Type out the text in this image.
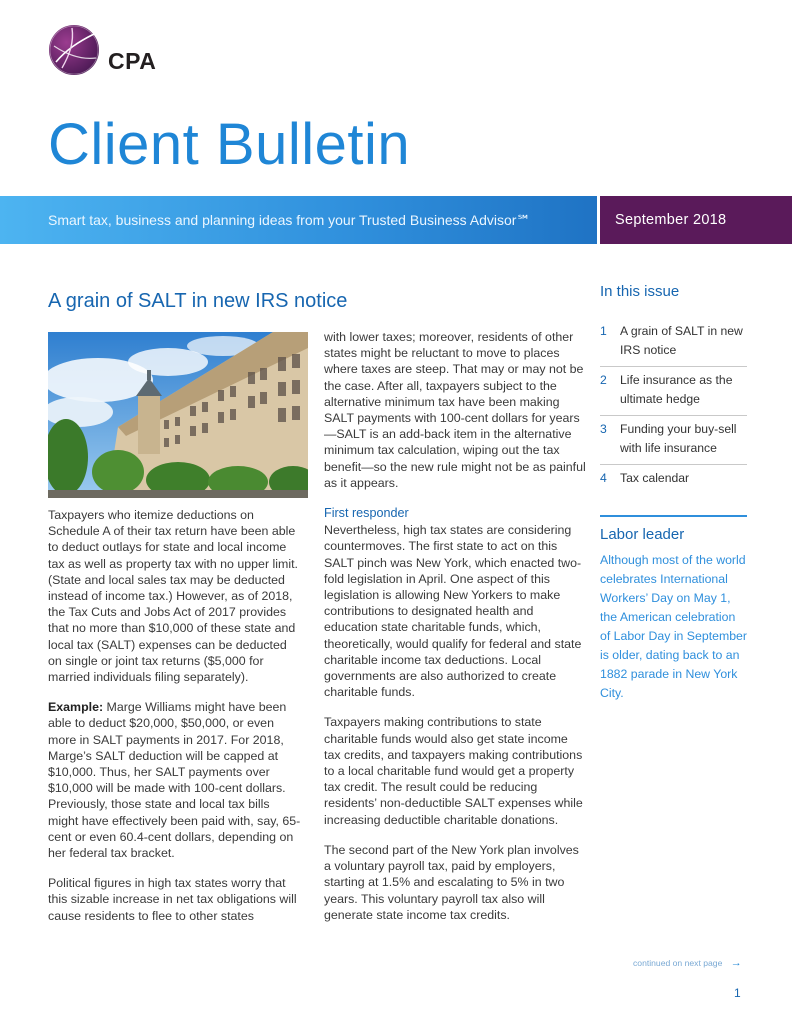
CPA
Client Bulletin
Smart tax, business and planning ideas from your Trusted Business Advisor℠	September 2018
A grain of SALT in new IRS notice

Taxpayers who itemize deductions on Schedule A of their tax return have been able to deduct outlays for state and local income tax as well as property tax with no upper limit. (State and local sales tax may be deducted instead of income tax.) However, as of 2018, the Tax Cuts and Jobs Act of 2017 provides that no more than $10,000 of these state and local tax (SALT) expenses can be deducted on single or joint tax returns ($5,000 for married individuals filing separately).

Example: Marge Williams might have been able to deduct $20,000, $50,000, or even more in SALT payments in 2017. For 2018, Marge’s SALT deduction will be capped at $10,000. Thus, her SALT payments over $10,000 will be made with 100-cent dollars. Previously, those state and local tax bills might have effectively been paid with, say, 65-cent or even 60.4-cent dollars, depending on her federal tax bracket.

Political figures in high tax states worry that this sizable increase in net tax obligations will cause residents to flee to other states

with lower taxes; moreover, residents of other states might be reluctant to move to places where taxes are steep. That may or may not be the case. After all, taxpayers subject to the alternative minimum tax have been making SALT payments with 100-cent dollars for years—SALT is an add-back item in the alternative minimum tax calculation, wiping out the tax benefit—so the new rule might not be as painful as it appears.

First responder

Nevertheless, high tax states are considering countermoves. The first state to act on this SALT pinch was New York, which enacted two-fold legislation in April. One aspect of this legislation is allowing New Yorkers to make contributions to designated health and education state charitable funds, which, theoretically, would qualify for federal and state charitable income tax deductions. Local governments are also authorized to create charitable funds.

Taxpayers making contributions to state charitable funds would also get state income tax credits, and taxpayers making contributions to a local charitable fund would get a property tax credit. The result could be reducing residents’ non-deductible SALT expenses while increasing deductible charitable donations.

The second part of the New York plan involves a voluntary payroll tax, paid by employers, starting at 1.5% and escalating to 5% in two years. This voluntary payroll tax also will generate state income tax credits.

In this issue
1	A grain of SALT in new IRS notice
2	Life insurance as the ultimate hedge
3	Funding your buy-sell with life insurance
4	Tax calendar
Labor leader
Although most of the world celebrates International Workers’ Day on May 1, the American celebration of Labor Day in September is older, dating back to an 1882 parade in New York City.
continued on next page →
1
